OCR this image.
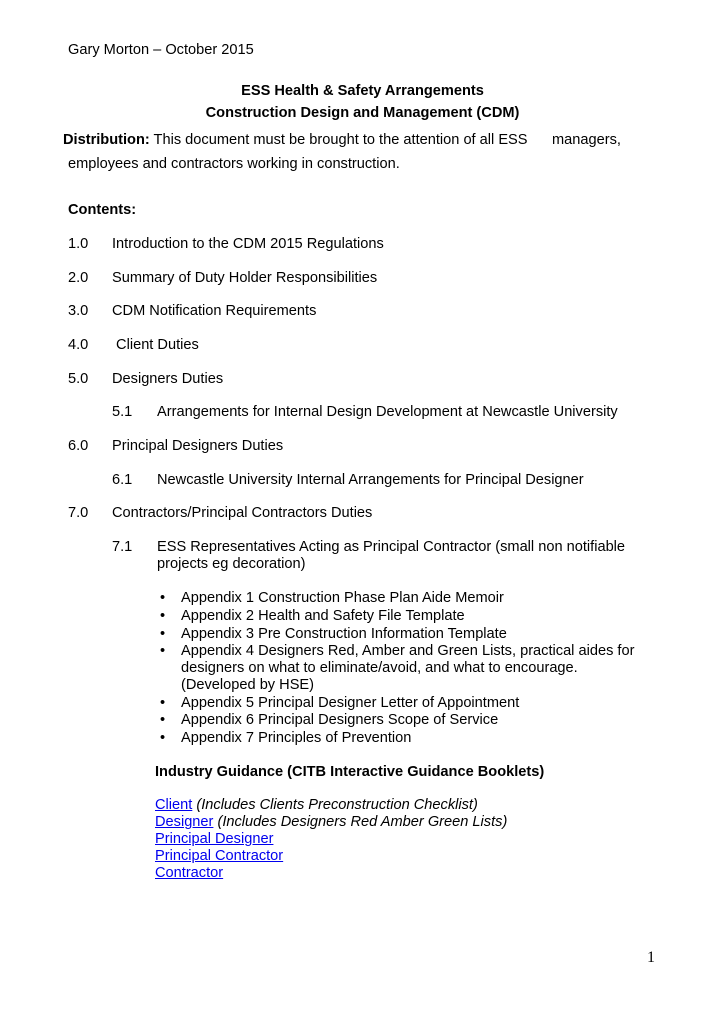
Gary Morton – October 2015
ESS Health & Safety Arrangements
Construction Design and Management (CDM)
Distribution: This document must be brought to the attention of all ESS managers,
employees and contractors working in construction.
Contents:
1.0 Introduction to the CDM 2015 Regulations
2.0 Summary of Duty Holder Responsibilities
3.0 CDM Notification Requirements
4.0 Client Duties
5.0 Designers Duties
5.1 Arrangements for Internal Design Development at Newcastle University
6.0 Principal Designers Duties
6.1 Newcastle University Internal Arrangements for Principal Designer
7.0 Contractors/Principal Contractors Duties
7.1 ESS Representatives Acting as Principal Contractor (small non notifiable
projects eg decoration)
• Appendix 1 Construction Phase Plan Aide Memoir
• Appendix 2 Health and Safety File Template
• Appendix 3 Pre Construction Information Template
• Appendix 4 Designers Red, Amber and Green Lists, practical aides for
designers on what to eliminate/avoid, and what to encourage.
(Developed by HSE)
• Appendix 5 Principal Designer Letter of Appointment
• Appendix 6 Principal Designers Scope of Service
• Appendix 7 Principles of Prevention
Industry Guidance (CITB Interactive Guidance Booklets)
Client (Includes Clients Preconstruction Checklist)
Designer (Includes Designers Red Amber Green Lists)
Principal Designer
Principal Contractor
Contractor
1
